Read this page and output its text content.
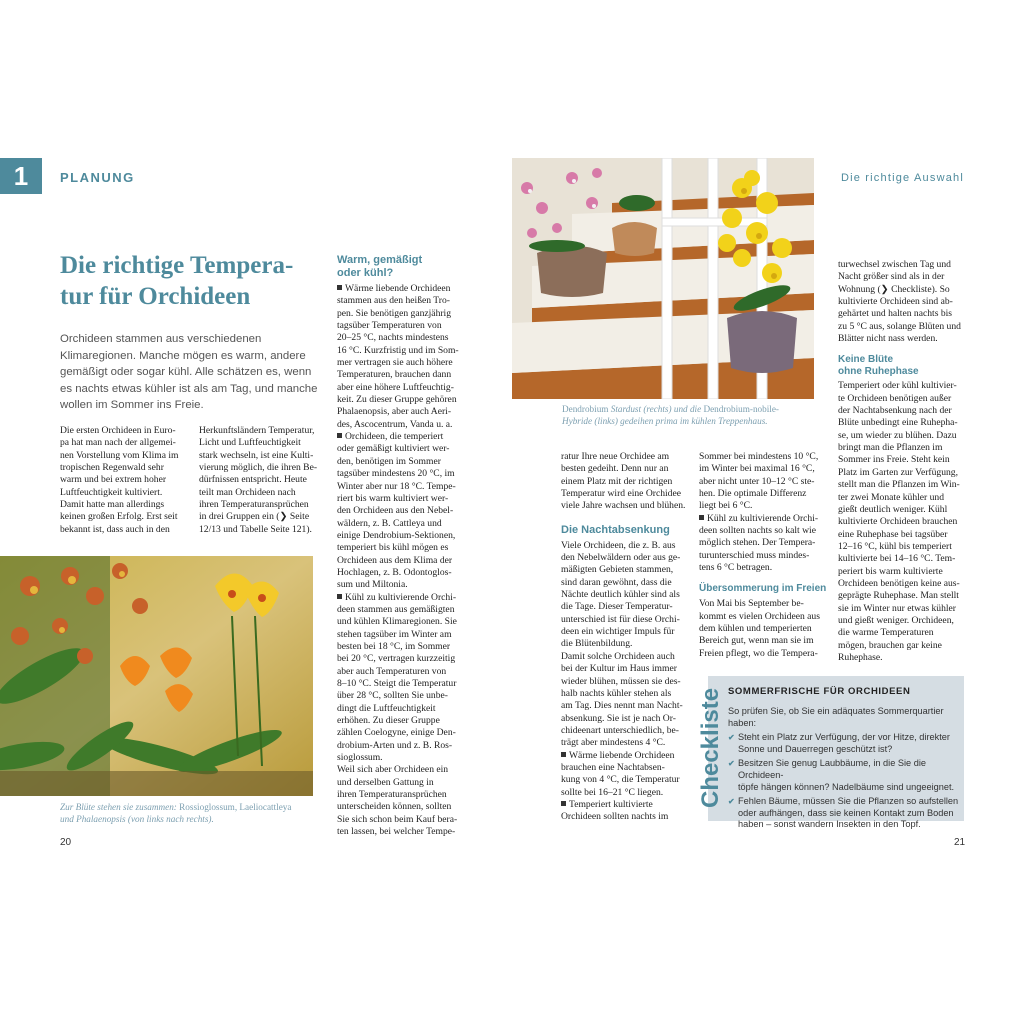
1 PLANUNG
Die richtige Tempera-
tur für Orchideen
Orchideen stammen aus verschiedenen Klimaregionen. Manche mögen es warm, andere gemäßigt oder sogar kühl. Alle schätzen es, wenn es nachts etwas kühler ist als am Tag, und manche wollen im Sommer ins Freie.

Die ersten Orchideen in Euro-

pa hat man nach der allgemei-

nen Vorstellung vom Klima im

tropischen Regenwald sehr

warm und bei extrem hoher

Luftfeuchtigkeit kultiviert.

Damit hatte man allerdings

keinen großen Erfolg. Erst seit

bekannt ist, dass auch in den

Herkunftsländern Temperatur,

Licht und Luftfeuchtigkeit

stark wechseln, ist eine Kulti-

vierung möglich, die ihren Be-

dürfnissen entspricht. Heute

teilt man Orchideen nach

ihren Temperaturansprüchen

in drei Gruppen ein (❯ Seite

12/13 und Tabelle Seite 121).

Warm, gemäßigt
oder kühl?

Wärme liebende Orchideen

stammen aus den heißen Tro-

pen. Sie benötigen ganzjährig

tagsüber Temperaturen von

20–25 °C, nachts mindestens

16 °C. Kurzfristig und im Som-

mer vertragen sie auch höhere

Temperaturen, brauchen dann

aber eine höhere Luftfeuchtig-

keit. Zu dieser Gruppe gehören

Phalaenopsis, aber auch Aeri-

des, Ascocentrum, Vanda u. a.

Orchideen, die temperiert

oder gemäßigt kultiviert wer-

den, benötigen im Sommer

tagsüber mindestens 20 °C, im

Winter aber nur 18 °C. Tempe-

riert bis warm kultiviert wer-

den Orchideen aus den Nebel-

wäldern, z. B. Cattleya und

einige Dendrobium-Sektionen,

temperiert bis kühl mögen es

Orchideen aus dem Klima der

Hochlagen, z. B. Odontoglos-

sum und Miltonia.

Kühl zu kultivierende Orchi-

deen stammen aus gemäßigten

und kühlen Klimaregionen. Sie

stehen tagsüber im Winter am

besten bei 18 °C, im Sommer

bei 20 °C, vertragen kurzzeitig

aber auch Temperaturen von

8–10 °C. Steigt die Temperatur

über 28 °C, sollten Sie unbe-

dingt die Luftfeuchtigkeit

erhöhen. Zu dieser Gruppe

zählen Coelogyne, einige Den-

drobium-Arten und z. B. Ros-

sioglossum.

Weil sich aber Orchideen ein

und derselben Gattung in

ihren Temperaturansprüchen

unterscheiden können, sollten

Sie sich schon beim Kauf bera-

ten lassen, bei welcher Tempe-

Zur Blüte stehen sie zusammen: Rossioglossum, Laeliocattleya
und Phalaenopsis (von links nach rechts).
20
Die richtige Auswahl
Dendrobium Stardust (rechts) und die Dendrobium-nobile-
Hybride (links) gedeihen prima im kühlen Treppenhaus.

ratur Ihre neue Orchidee am

besten gedeiht. Denn nur an

einem Platz mit der richtigen

Temperatur wird eine Orchidee

viele Jahre wachsen und blühen.

Die Nachtabsenkung

Viele Orchideen, die z. B. aus

den Nebelwäldern oder aus ge-

mäßigten Gebieten stammen,

sind daran gewöhnt, dass die

Nächte deutlich kühler sind als

die Tage. Dieser Temperatur-

unterschied ist für diese Orchi-

deen ein wichtiger Impuls für

die Blütenbildung.

Damit solche Orchideen auch

bei der Kultur im Haus immer

wieder blühen, müssen sie des-

halb nachts kühler stehen als

am Tag. Dies nennt man Nacht-

absenkung. Sie ist je nach Or-

chideenart unterschiedlich, be-

trägt aber mindestens 4 °C.

Wärme liebende Orchideen

brauchen eine Nachtabsen-

kung von 4 °C, die Temperatur

sollte bei 16–21 °C liegen.

Temperiert kultivierte

Orchideen sollten nachts im

Sommer bei mindestens 10 °C,

im Winter bei maximal 16 °C,

aber nicht unter 10–12 °C ste-

hen. Die optimale Differenz

liegt bei 6 °C.

Kühl zu kultivierende Orchi-

deen sollten nachts so kalt wie

möglich stehen. Der Tempera-

turunterschied muss mindes-

tens 6 °C betragen.

Übersommerung im Freien

Von Mai bis September be-

kommt es vielen Orchideen aus

dem kühlen und temperierten

Bereich gut, wenn man sie im

Freien pflegt, wo die Tempera-

turwechsel zwischen Tag und

Nacht größer sind als in der

Wohnung (❯ Checkliste). So

kultivierte Orchideen sind ab-

gehärtet und halten nachts bis

zu 5 °C aus, solange Blüten und

Blätter nicht nass werden.

Keine Blüte
ohne Ruhephase

Temperiert oder kühl kultivier-

te Orchideen benötigen außer

der Nachtabsenkung nach der

Blüte unbedingt eine Ruhepha-

se, um wieder zu blühen. Dazu

bringt man die Pflanzen im

Sommer ins Freie. Steht kein

Platz im Garten zur Verfügung,

stellt man die Pflanzen im Win-

ter zwei Monate kühler und

gießt deutlich weniger. Kühl

kultivierte Orchideen brauchen

eine Ruhephase bei tagsüber

12–16 °C, kühl bis temperiert

kultivierte bei 14–16 °C. Tem-

periert bis warm kultivierte

Orchideen benötigen keine aus-

geprägte Ruhephase. Man stellt

sie im Winter nur etwas kühler

und gießt weniger. Orchideen,

die warme Temperaturen

mögen, brauchen gar keine

Ruhephase.

Checkliste SOMMERFRISCHE FÜR ORCHIDEEN
So prüfen Sie, ob Sie ein adäquates Sommerquartier haben:
✔ Steht ein Platz zur Verfügung, der vor Hitze, direkter
Sonne und Dauerregen geschützt ist?
✔ Besitzen Sie genug Laubbäume, in die Sie die Orchideen-
töpfe hängen können? Nadelbäume sind ungeeignet.
✔ Fehlen Bäume, müssen Sie die Pflanzen so aufstellen
oder aufhängen, dass sie keinen Kontakt zum Boden
haben – sonst wandern Insekten in den Topf.
21
